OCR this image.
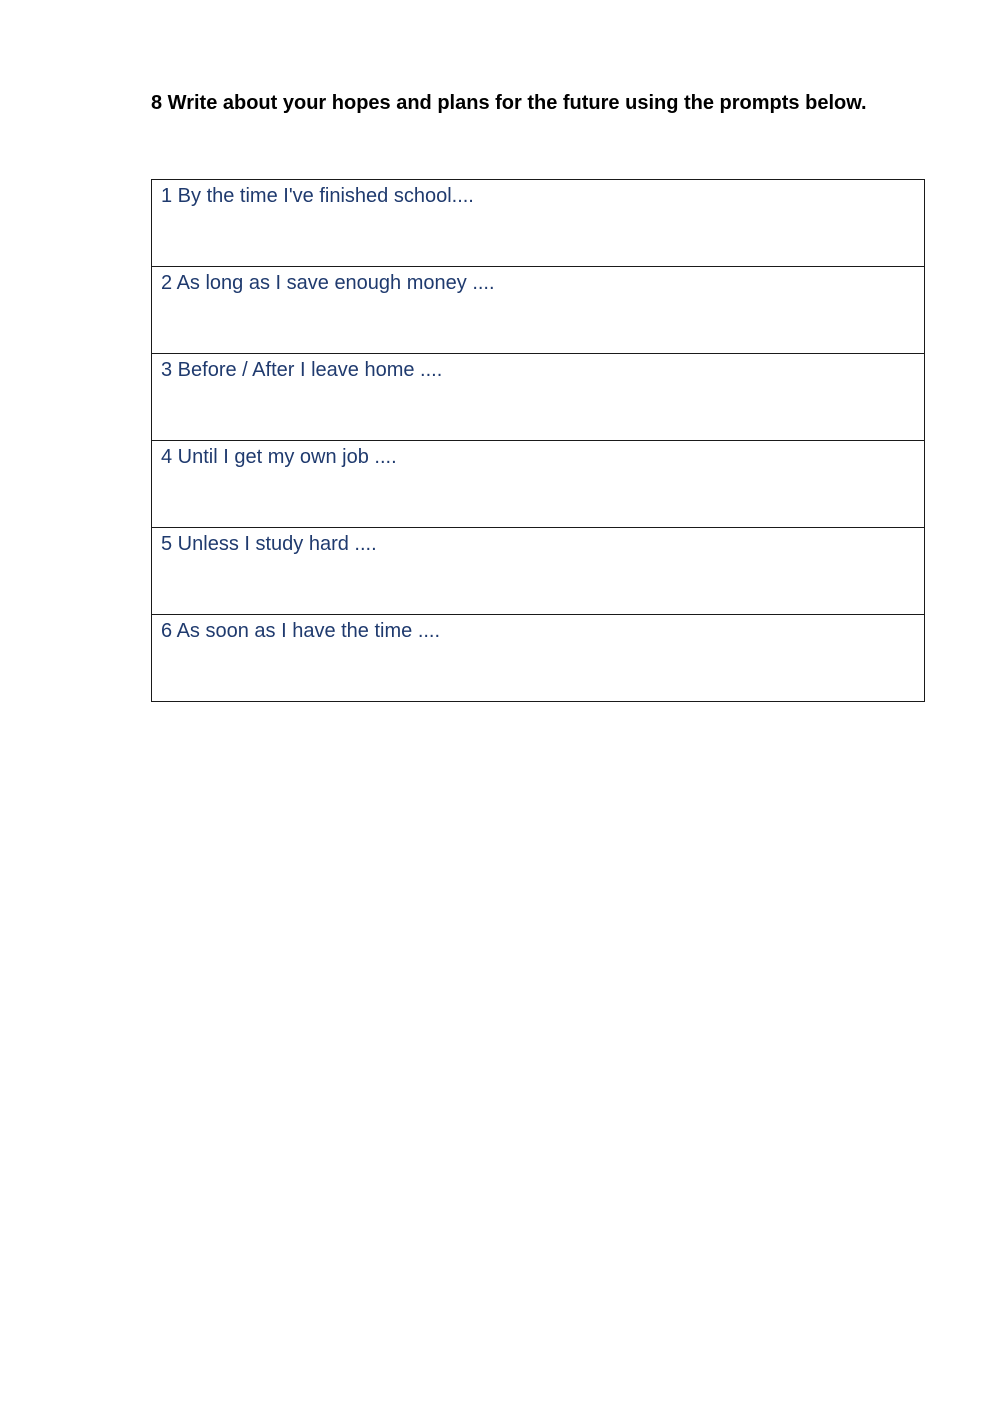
8 Write about your hopes and plans for the future using the prompts below.
1 By the time I've finished school....

2 As long as I save enough money ....

3 Before / After I leave home ....

4 Until I get my own job ....

5 Unless I study hard ....

6 As soon as I have the time ....
